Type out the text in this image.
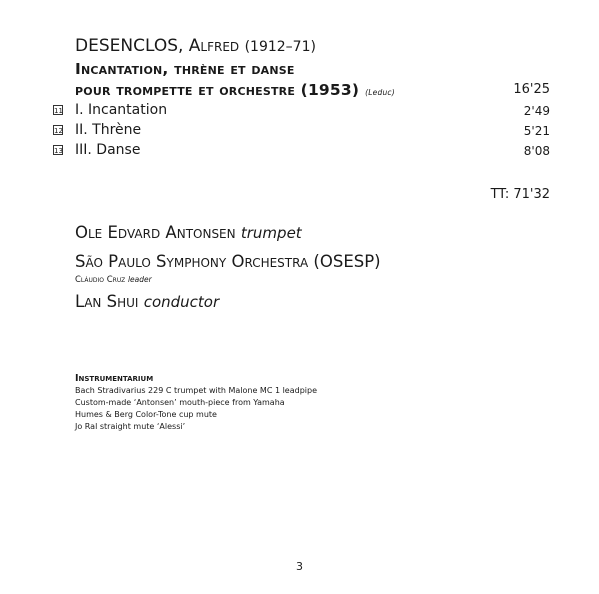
DESENCLOS, Alfred (1912–71)
Incantation, thrène et danse
pour trompette et orchestre (1953) (Leduc)	16'25
11 I. Incantation	2'49
12 II. Thrène	5'21
13 III. Danse	8'08
TT: 71'32
Ole Edvard Antonsen trumpet
São Paulo Symphony Orchestra (OSESP)
Cláudio Cruz leader
Lan Shui conductor
Instrumentarium
Bach Stradivarius 229 C trumpet with Malone MC 1 leadpipe
Custom-made ‘Antonsen’ mouth-piece from Yamaha
Humes & Berg Color-Tone cup mute
Jo Ral straight mute ‘Alessi’
3
